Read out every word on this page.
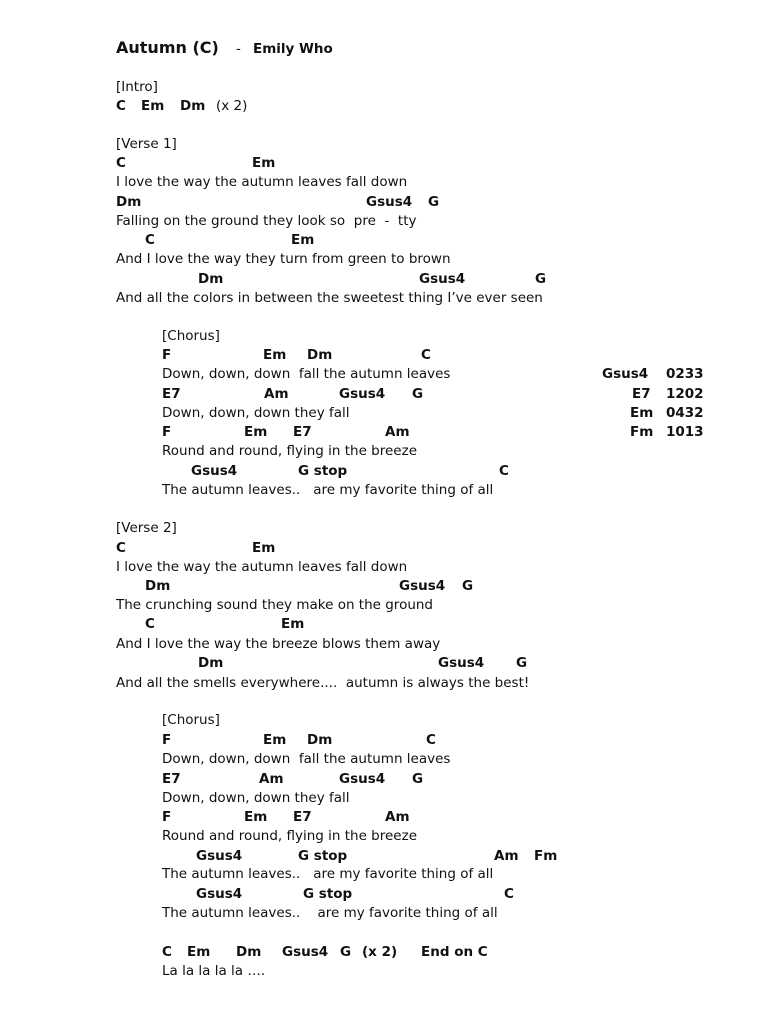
Autumn (C) - Emily Who
[Intro]
C Em Dm (x 2)
[Verse 1]
C	Em
I love the way the autumn leaves fall down
Dm	Gsus4 G
Falling on the ground they look so  pre  -  tty
C	Em
And I love the way they turn from green to brown
Dm	Gsus4	G
And all the colors in between the sweetest thing I’ve ever seen
[Chorus]
F	Em Dm	C
Down, down, down  fall the autumn leaves
E7	Am	Gsus4 G
Down, down, down they fall
F	Em E7	Am
Round and round, flying in the breeze
Gsus4	G stop	C
The autumn leaves..   are my favorite thing of all
Gsus4 0233
E7 1202
Em 0432
Fm 1013
[Verse 2]
C	Em
I love the way the autumn leaves fall down
Dm	Gsus4 G
The crunching sound they make on the ground
C	Em
And I love the way the breeze blows them away
Dm	Gsus4 G
And all the smells everywhere....  autumn is always the best!
[Chorus]
F	Em Dm	C
Down, down, down  fall the autumn leaves
E7	Am	Gsus4 G
Down, down, down they fall
F	Em E7	Am
Round and round, flying in the breeze
Gsus4	G stop	Am Fm
The autumn leaves..   are my favorite thing of all
Gsus4	G stop	C
The autumn leaves..    are my favorite thing of all
C Em Dm Gsus4 G (x 2) End on C
La la la la la ….
